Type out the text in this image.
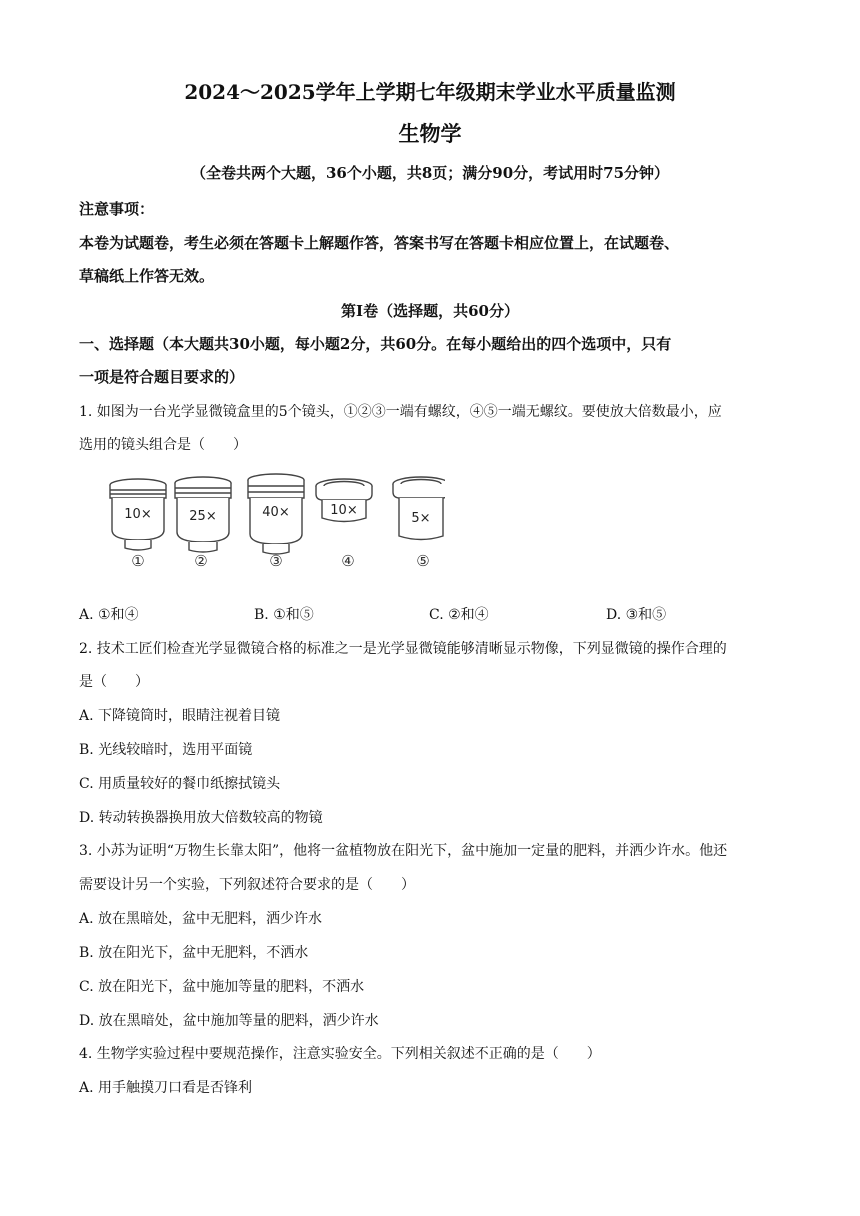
2024～2025学年上学期七年级期末学业水平质量监测
生物学
（全卷共两个大题，36个小题，共8页；满分90分，考试用时75分钟）
注意事项：
本卷为试题卷，考生必须在答题卡上解题作答，答案书写在答题卡相应位置上，在试题卷、
草稿纸上作答无效。
第Ⅰ卷（选择题，共60分）
一、选择题（本大题共30小题，每小题2分，共60分。在每小题给出的四个选项中，只有
一项是符合题目要求的）
1. 如图为一台光学显微镜盒里的5个镜头，①②③一端有螺纹，④⑤一端无螺纹。要使放大倍数最小，应
选用的镜头组合是（　　）
10×
①
25×
②
40×
③
10×
④
5×
⑤
A. ①和④	B. ①和⑤	C. ②和④	D. ③和⑤
2. 技术工匠们检查光学显微镜合格的标准之一是光学显微镜能够清晰显示物像，下列显微镜的操作合理的
是（　　）
A. 下降镜筒时，眼睛注视着目镜
B. 光线较暗时，选用平面镜
C. 用质量较好的餐巾纸擦拭镜头
D. 转动转换器换用放大倍数较高的物镜
3. 小苏为证明“万物生长靠太阳”，他将一盆植物放在阳光下，盆中施加一定量的肥料，并洒少许水。他还
需要设计另一个实验，下列叙述符合要求的是（　　）
A. 放在黑暗处，盆中无肥料，洒少许水
B. 放在阳光下，盆中无肥料，不洒水
C. 放在阳光下，盆中施加等量的肥料，不洒水
D. 放在黑暗处，盆中施加等量的肥料，洒少许水
4. 生物学实验过程中要规范操作，注意实验安全。下列相关叙述不正确的是（　　）
A. 用手触摸刀口看是否锋利
